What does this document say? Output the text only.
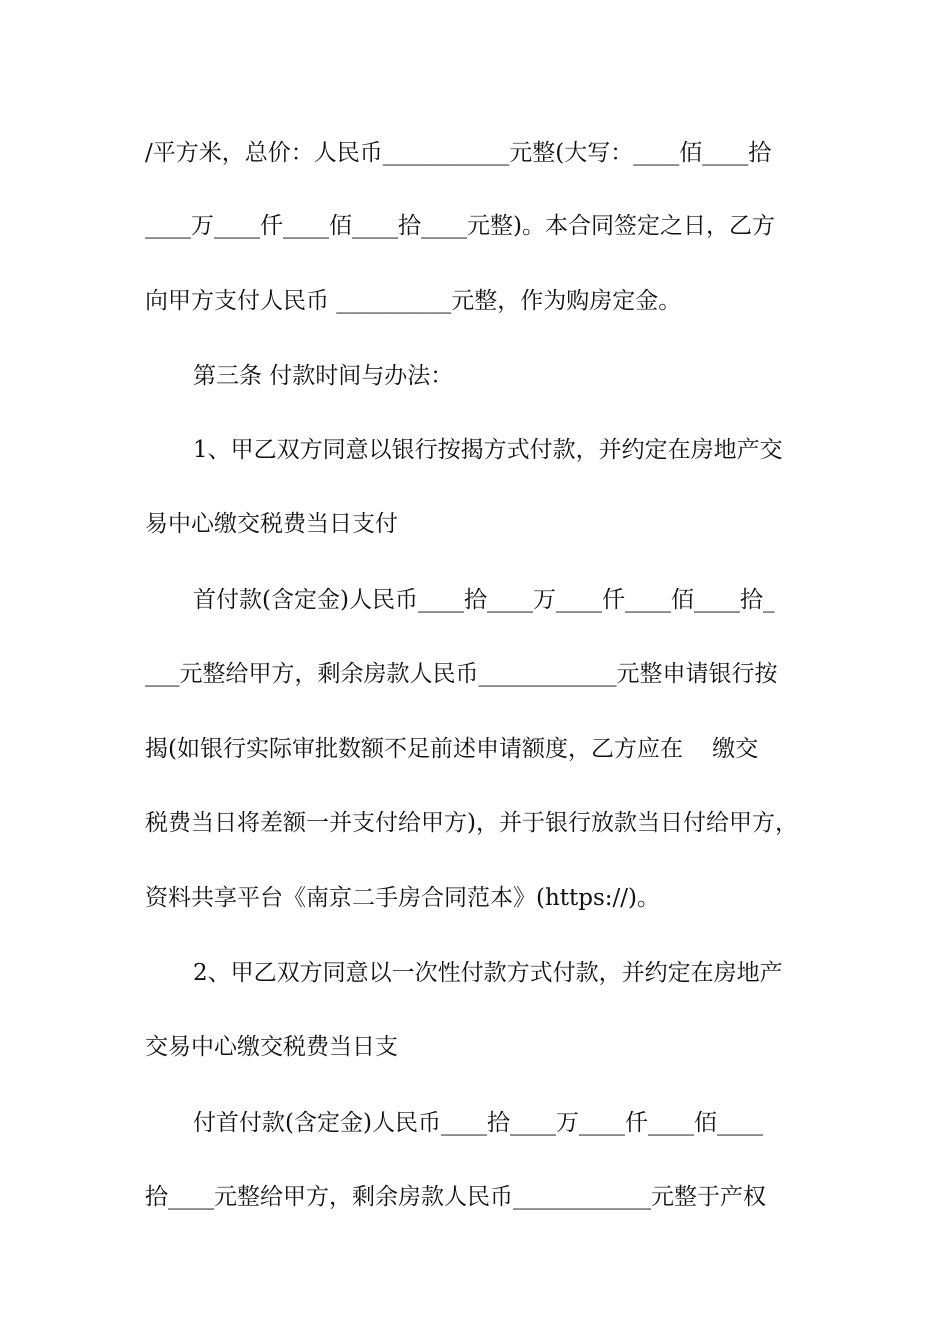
/平方米，总价：人民币___________元整(大写：____佰____拾
____万____仟____佰____拾____元整)。本合同签定之日，乙方
向甲方支付人民币 __________元整，作为购房定金。
第三条 付款时间与办法：
1、甲乙双方同意以银行按揭方式付款，并约定在房地产交
易中心缴交税费当日支付
首付款(含定金)人民币____拾____万____仟____佰____拾_
___元整给甲方，剩余房款人民币____________元整申请银行按
揭(如银行实际审批数额不足前述申请额度，乙方应在    缴交
税费当日将差额一并支付给甲方)，并于银行放款当日付给甲方，
资料共享平台《南京二手房合同范本》(https://)。
2、甲乙双方同意以一次性付款方式付款，并约定在房地产
交易中心缴交税费当日支
付首付款(含定金)人民币____拾____万____仟____佰____
拾____元整给甲方，剩余房款人民币____________元整于产权
